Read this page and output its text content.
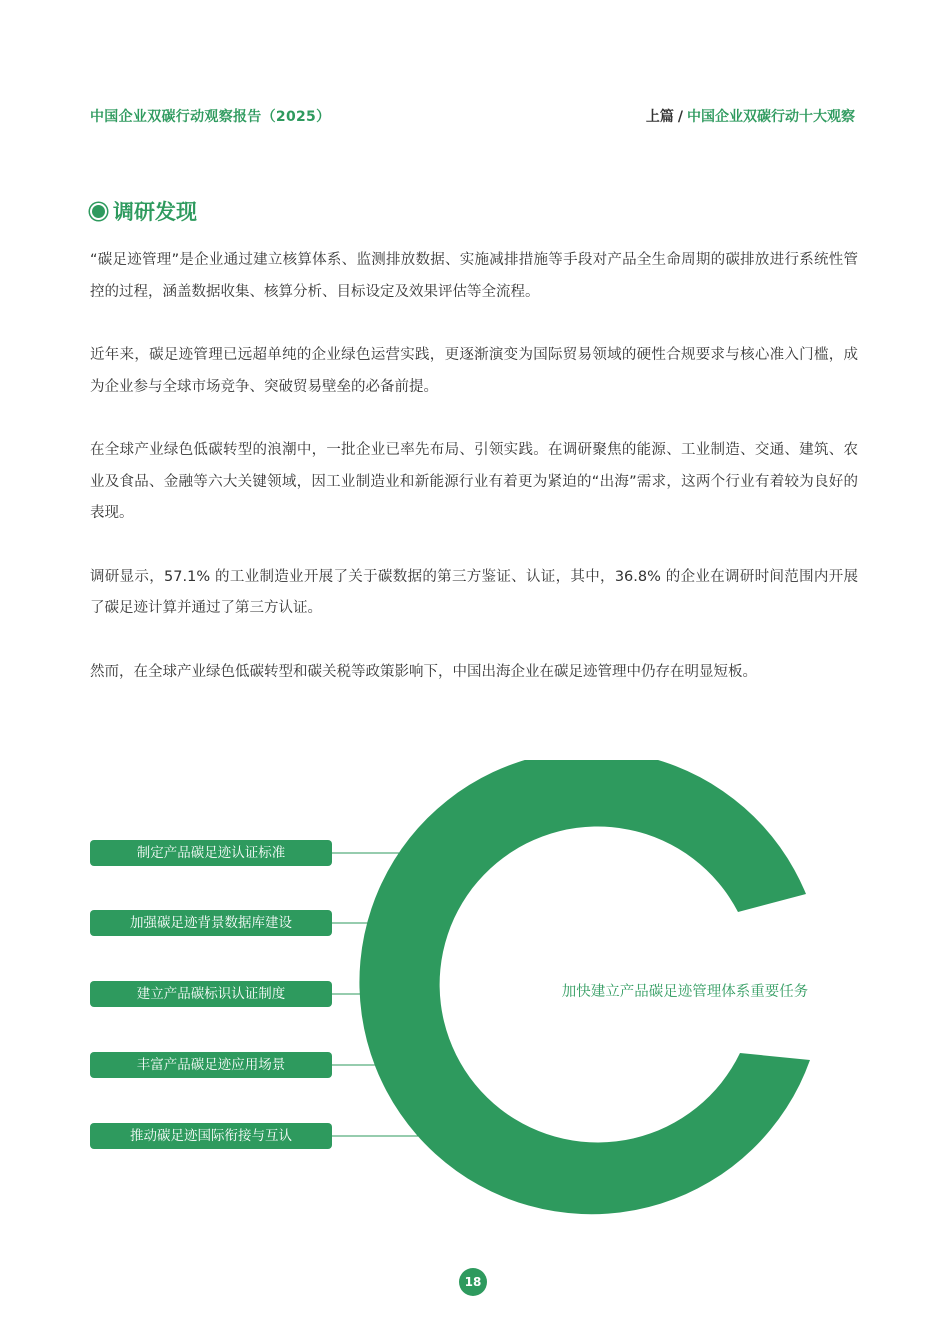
中国企业双碳行动观察报告（2025）	上篇 / 中国企业双碳行动十大观察
调研发现

“碳足迹管理”是企业通过建立核算体系、监测排放数据、实施减排措施等手段对产品全生命周期的碳排放进行系统性管控的过程，涵盖数据收集、核算分析、目标设定及效果评估等全流程。

近年来，碳足迹管理已远超单纯的企业绿色运营实践，更逐渐演变为国际贸易领域的硬性合规要求与核心准入门槛，成为企业参与全球市场竞争、突破贸易壁垒的必备前提。

在全球产业绿色低碳转型的浪潮中，一批企业已率先布局、引领实践。在调研聚焦的能源、工业制造、交通、建筑、农业及食品、金融等六大关键领域，因工业制造业和新能源行业有着更为紧迫的“出海”需求，这两个行业有着较为良好的表现。

调研显示，57.1% 的工业制造业开展了关于碳数据的第三方鉴证、认证，其中，36.8% 的企业在调研时间范围内开展了碳足迹计算并通过了第三方认证。

然而，在全球产业绿色低碳转型和碳关税等政策影响下，中国出海企业在碳足迹管理中仍存在明显短板。

制定产品碳足迹认证标准
加强碳足迹背景数据库建设
建立产品碳标识认证制度
丰富产品碳足迹应用场景
推动碳足迹国际衔接与互认
加快建立产品碳足迹管理体系重要任务
18
